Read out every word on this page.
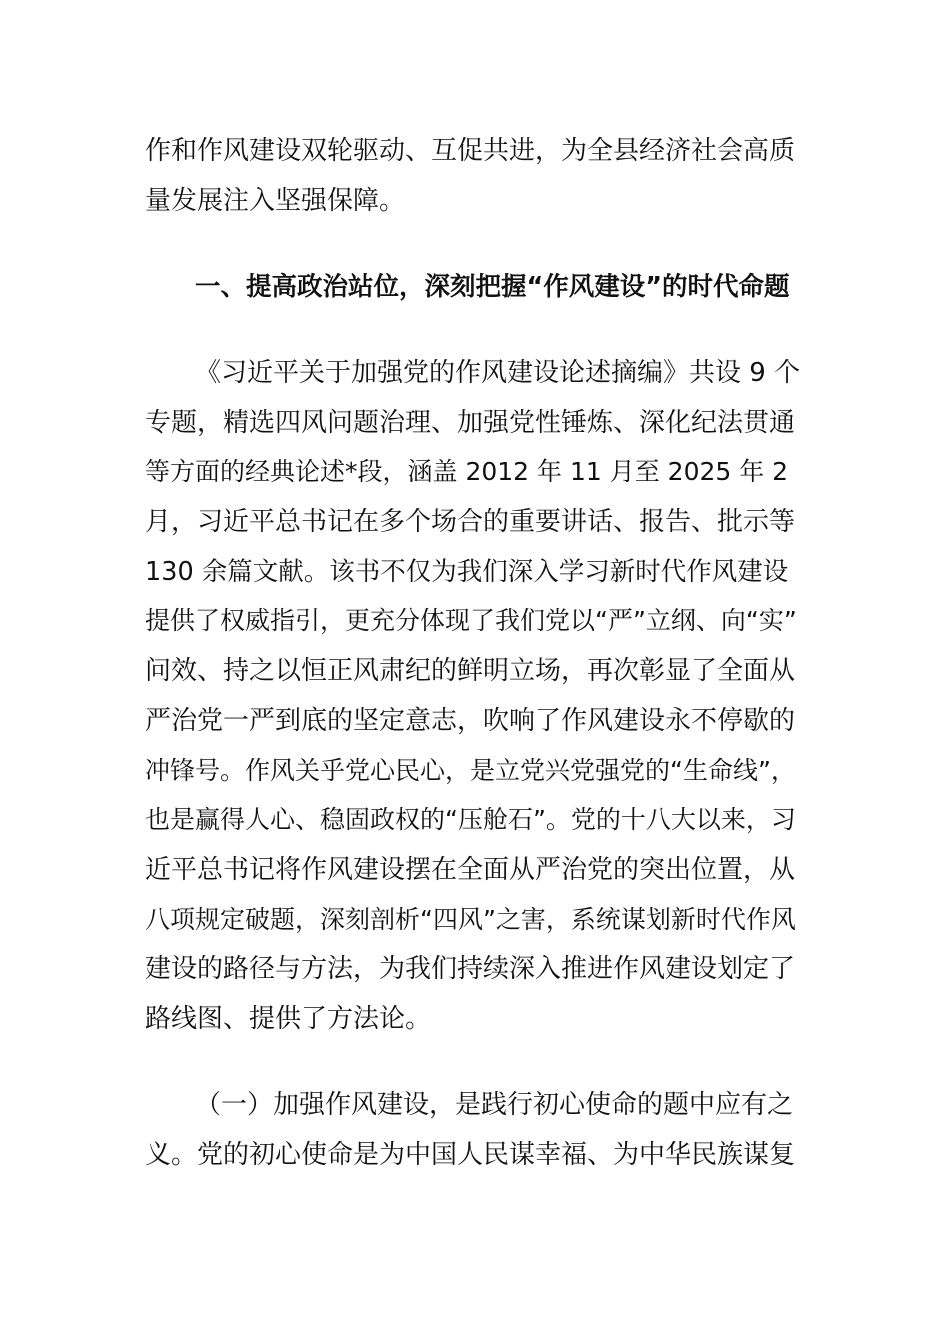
作和作风建设双轮驱动、互促共进，为全县经济社会高质
量发展注入坚强保障。
一、提高政治站位，深刻把握“作风建设”的时代命题
《习近平关于加强党的作风建设论述摘编》共设 9 个
专题，精选四风问题治理、加强党性锤炼、深化纪法贯通
等方面的经典论述*段，涵盖 2012 年 11 月至 2025 年 2
月，习近平总书记在多个场合的重要讲话、报告、批示等
130 余篇文献。该书不仅为我们深入学习新时代作风建设
提供了权威指引，更充分体现了我们党以“严”立纲、向“实”
问效、持之以恒正风肃纪的鲜明立场，再次彰显了全面从
严治党一严到底的坚定意志，吹响了作风建设永不停歇的
冲锋号。作风关乎党心民心，是立党兴党强党的“生命线”，
也是赢得人心、稳固政权的“压舱石”。党的十八大以来，习
近平总书记将作风建设摆在全面从严治党的突出位置，从
八项规定破题，深刻剖析“四风”之害，系统谋划新时代作风
建设的路径与方法，为我们持续深入推进作风建设划定了
路线图、提供了方法论。
（一）加强作风建设，是践行初心使命的题中应有之
义。党的初心使命是为中国人民谋幸福、为中华民族谋复
